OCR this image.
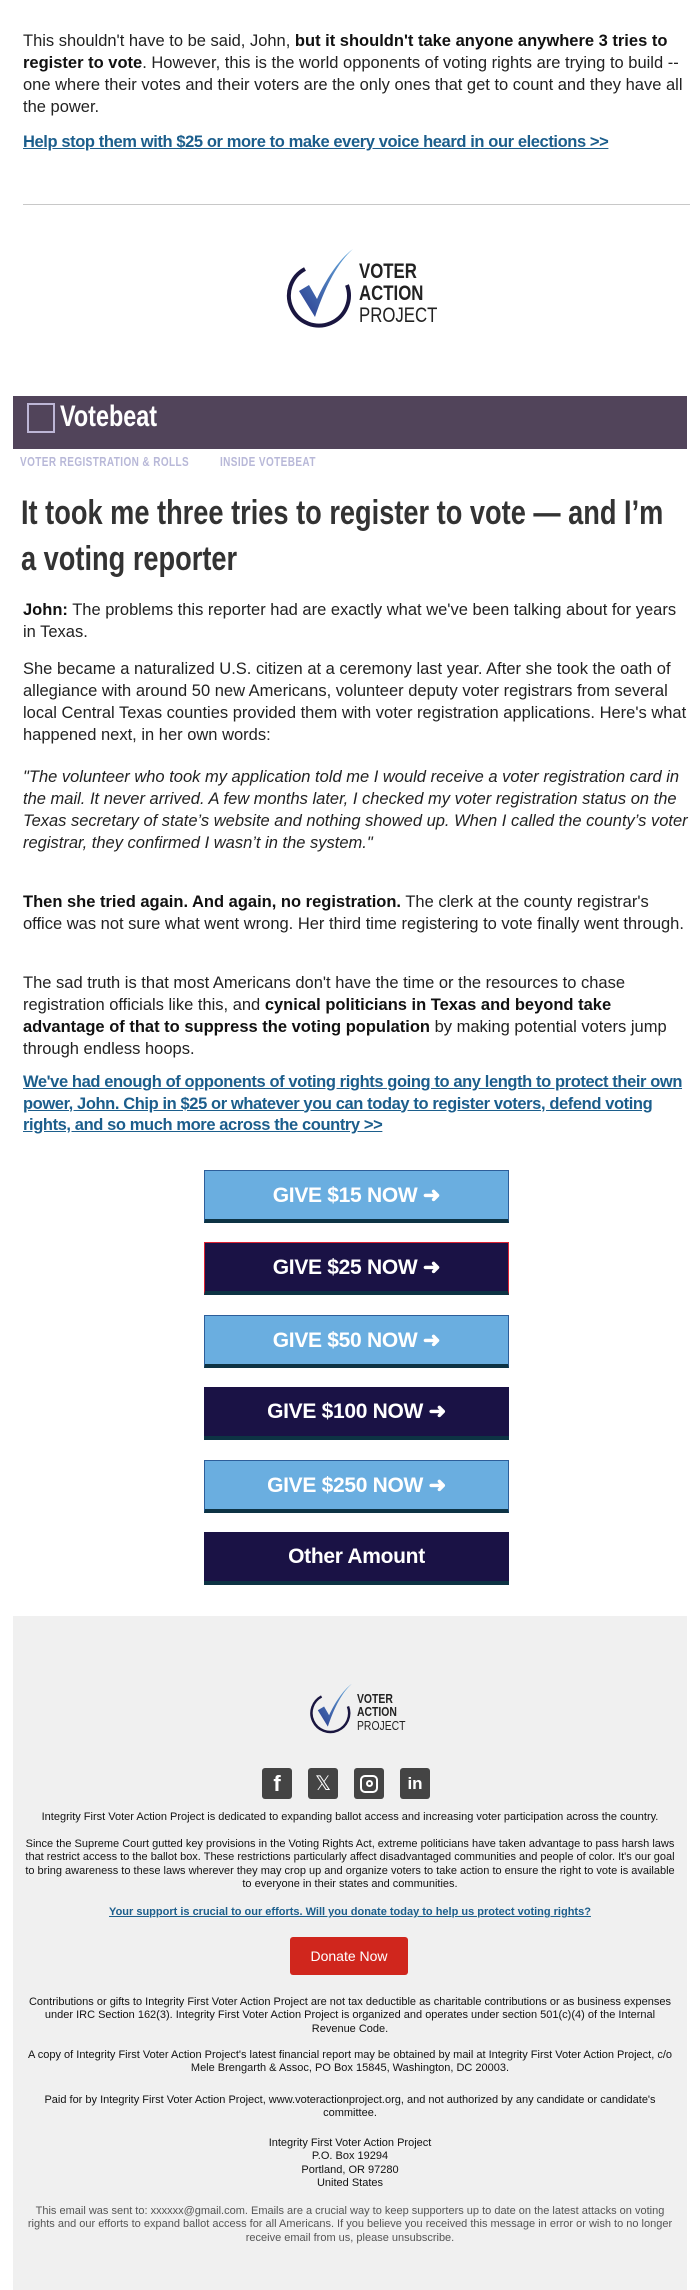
This shouldn't have to be said, John, but it shouldn't take anyone anywhere 3 tries to register to vote. However, this is the world opponents of voting rights are trying to build -- one where their votes and their voters are the only ones that get to count and they have all the power.

Help stop them with $25 or more to make every voice heard in our elections >>
VOTER
ACTION
PROJECT
Votebeat
VOTER REGISTRATION & ROLLS INSIDE VOTEBEAT
It took me three tries to register to vote — and I’m a voting reporter

John: The problems this reporter had are exactly what we've been talking about for years in Texas.

She became a naturalized U.S. citizen at a ceremony last year. After she took the oath of allegiance with around 50 new Americans, volunteer deputy voter registrars from several local Central Texas counties provided them with voter registration applications. Here's what happened next, in her own words:

"The volunteer who took my application told me I would receive a voter registration card in the mail. It never arrived. A few months later, I checked my voter registration status on the Texas secretary of state’s website and nothing showed up. When I called the county’s voter registrar, they confirmed I wasn’t in the system."

Then she tried again. And again, no registration. The clerk at the county registrar's office was not sure what went wrong. Her third time registering to vote finally went through.

The sad truth is that most Americans don't have the time or the resources to chase registration officials like this, and cynical politicians in Texas and beyond take advantage of that to suppress the voting population by making potential voters jump through endless hoops.

We've had enough of opponents of voting rights going to any length to protect their own power, John. Chip in $25 or whatever you can today to register voters, defend voting rights, and so much more across the country >>
GIVE $15 NOW ➜
GIVE $25 NOW ➜
GIVE $50 NOW ➜
GIVE $100 NOW ➜
GIVE $250 NOW ➜
Other Amount
VOTER
ACTION
PROJECT
f	𝕏	in

Integrity First Voter Action Project is dedicated to expanding ballot access and increasing voter participation across the country.

Since the Supreme Court gutted key provisions in the Voting Rights Act, extreme politicians have taken advantage to pass harsh laws that restrict access to the ballot box. These restrictions particularly affect disadvantaged communities and people of color. It's our goal to bring awareness to these laws wherever they may crop up and organize voters to take action to ensure the right to vote is available to everyone in their states and communities.

Your support is crucial to our efforts. Will you donate today to help us protect voting rights?
Donate Now

Contributions or gifts to Integrity First Voter Action Project are not tax deductible as charitable contributions or as business expenses under IRC Section 162(3). Integrity First Voter Action Project is organized and operates under section 501(c)(4) of the Internal Revenue Code.

A copy of Integrity First Voter Action Project's latest financial report may be obtained by mail at Integrity First Voter Action Project, c/o Mele Brengarth & Assoc, PO Box 15845, Washington, DC 20003.

Paid for by Integrity First Voter Action Project, www.voteractionproject.org, and not authorized by any candidate or candidate's committee.

Integrity First Voter Action Project
P.O. Box 19294
Portland, OR 97280
United States

This email was sent to: xxxxxx@gmail.com. Emails are a crucial way to keep supporters up to date on the latest attacks on voting rights and our efforts to expand ballot access for all Americans. If you believe you received this message in error or wish to no longer receive email from us, please unsubscribe.
